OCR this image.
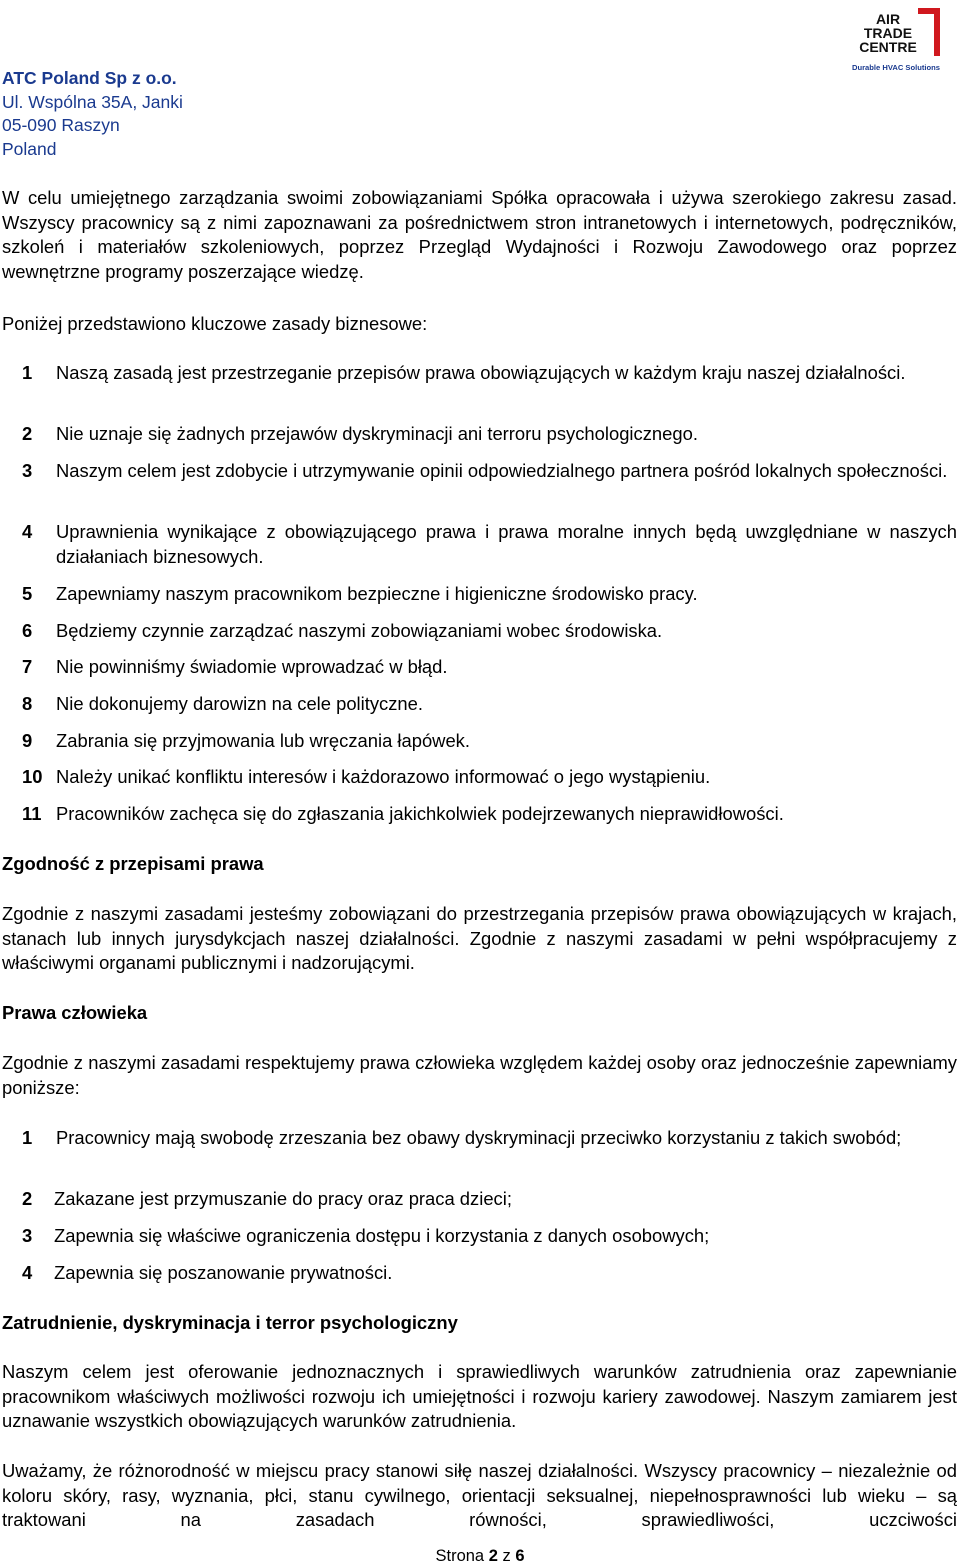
AIR
TRADE
CENTRE
Durable HVAC Solutions
ATC Poland Sp z o.o.
Ul. Wspólna 35A, Janki
05-090 Raszyn
Poland
W celu umiejętnego zarządzania swoimi zobowiązaniami Spółka opracowała i używa szerokiego zakresu zasad. Wszyscy pracownicy są z nimi zapoznawani za pośrednictwem stron intranetowych i internetowych, podręczników, szkoleń i materiałów szkoleniowych, poprzez Przegląd Wydajności i Rozwoju Zawodowego oraz poprzez wewnętrzne programy poszerzające wiedzę.
Poniżej przedstawiono kluczowe zasady biznesowe:
1	Naszą zasadą jest przestrzeganie przepisów prawa obowiązujących w każdym kraju naszej działalności.
2	Nie uznaje się żadnych przejawów dyskryminacji ani terroru psychologicznego.
3	Naszym celem jest zdobycie i utrzymywanie opinii odpowiedzialnego partnera pośród lokalnych społeczności.
4	Uprawnienia wynikające z obowiązującego prawa i prawa moralne innych będą uwzględniane w naszych działaniach biznesowych.
5	Zapewniamy naszym pracownikom bezpieczne i higieniczne środowisko pracy.
6	Będziemy czynnie zarządzać naszymi zobowiązaniami wobec środowiska.
7	Nie powinniśmy świadomie wprowadzać w błąd.
8	Nie dokonujemy darowizn na cele polityczne.
9	Zabrania się przyjmowania lub wręczania łapówek.
10 Należy unikać konfliktu interesów i każdorazowo informować o jego wystąpieniu.
11 Pracowników zachęca się do zgłaszania jakichkolwiek podejrzewanych nieprawidłowości.
Zgodność z przepisami prawa
Zgodnie z naszymi zasadami jesteśmy zobowiązani do przestrzegania przepisów prawa obowiązujących w krajach, stanach lub innych jurysdykcjach naszej działalności. Zgodnie z naszymi zasadami w pełni współpracujemy z właściwymi organami publicznymi i nadzorującymi.
Prawa człowieka
Zgodnie z naszymi zasadami respektujemy prawa człowieka względem każdej osoby oraz jednocześnie zapewniamy poniższe:
1	Pracownicy mają swobodę zrzeszania bez obawy dyskryminacji przeciwko korzystaniu z takich swobód;
2	Zakazane jest przymuszanie do pracy oraz praca dzieci;
3	Zapewnia się właściwe ograniczenia dostępu i korzystania z danych osobowych;
4	Zapewnia się poszanowanie prywatności.
Zatrudnienie, dyskryminacja i terror psychologiczny
Naszym celem jest oferowanie jednoznacznych i sprawiedliwych warunków zatrudnienia oraz zapewnianie pracownikom właściwych możliwości rozwoju ich umiejętności i rozwoju kariery zawodowej. Naszym zamiarem jest uznawanie wszystkich obowiązujących warunków zatrudnienia.
Uważamy, że różnorodność w miejscu pracy stanowi siłę naszej działalności. Wszyscy pracownicy – niezależnie od koloru skóry, rasy, wyznania, płci, stanu cywilnego, orientacji seksualnej, niepełnosprawności lub wieku – są traktowani na zasadach równości, sprawiedliwości, uczciwości
Strona 2 z 6
